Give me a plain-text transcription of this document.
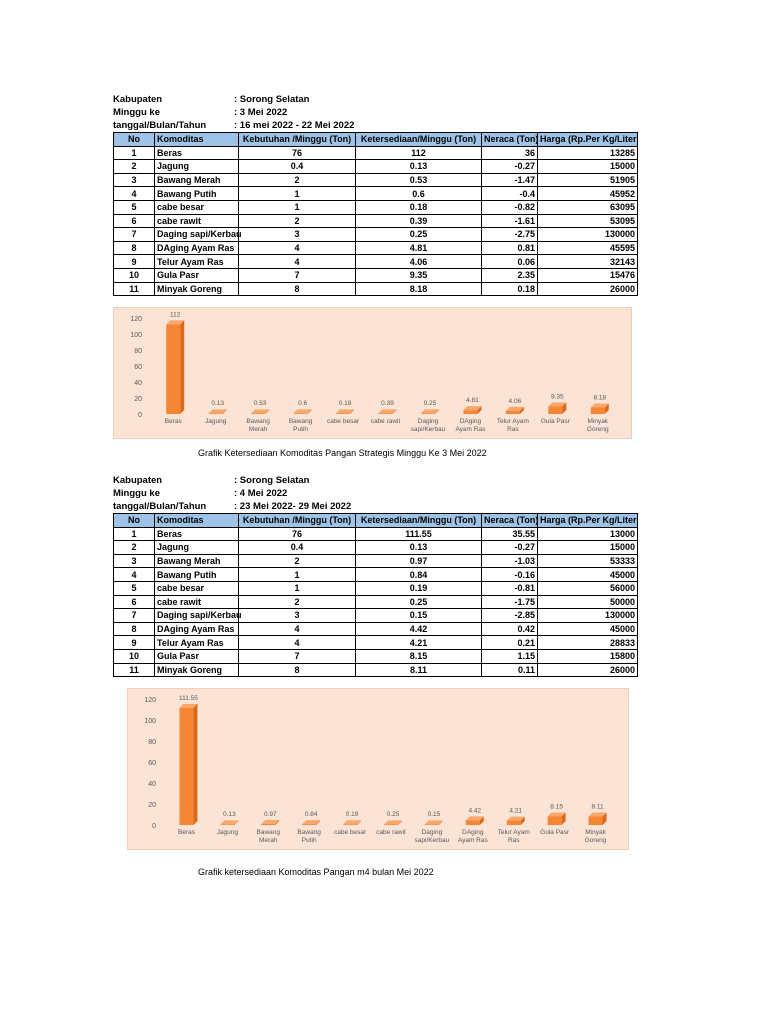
Kabupaten	: Sorong Selatan
Minggu ke	: 3 Mei 2022
tanggal/Bulan/Tahun	: 16 mei 2022 - 22 Mei 2022
No	Komoditas	Kebutuhan /Minggu (Ton)	Ketersediaan/Minggu (Ton)	Neraca (Ton)	Harga (Rp.Per Kg/Liter
1	Beras	76	112	36	13285
2	Jagung	0.4	0.13	-0.27	15000
3	Bawang Merah	2	0.53	-1.47	51905
4	Bawang Putih	1	0.6	-0.4	45952
5	cabe besar	1	0.18	-0.82	63095
6	cabe rawit	2	0.39	-1.61	53095
7	Daging sapi/Kerbau	3	0.25	-2.75	130000
8	DAging Ayam Ras	4	4.81	0.81	45595
9	Telur Ayam Ras	4	4.06	0.06	32143
10	Gula Pasr	7	9.35	2.35	15476
11	Minyak Goreng	8	8.18	0.18	26000
0
20
40
60
80
100
120
112
Beras
0.13
Jagung
0.53
Bawang
Merah
0.6
Bawang
Putih
0.18
cabe besar
0.39
cabe rawit
0.25
Daging
sapi/Kerbau
4.81
DAging
Ayam Ras
4.06
Telur Ayam
Ras
9.35
Gula Pasr
8.18
Minyak
Goreng
Grafik Ketersediaan Komoditas Pangan Strategis Minggu Ke 3 Mei 2022
Kabupaten	: Sorong Selatan
Minggu ke	: 4 Mei 2022
tanggal/Bulan/Tahun	: 23 Mei 2022- 29 Mei 2022
No	Komoditas	Kebutuhan /Minggu (Ton)	Ketersediaan/Minggu (Ton)	Neraca (Ton)	Harga (Rp.Per Kg/Liter
1	Beras	76	111.55	35.55	13000
2	Jagung	0.4	0.13	-0.27	15000
3	Bawang Merah	2	0.97	-1.03	53333
4	Bawang Putih	1	0.84	-0.16	45000
5	cabe besar	1	0.19	-0.81	56000
6	cabe rawit	2	0.25	-1.75	50000
7	Daging sapi/Kerbau	3	0.15	-2.85	130000
8	DAging Ayam Ras	4	4.42	0.42	45000
9	Telur Ayam Ras	4	4.21	0.21	28833
10	Gula Pasr	7	8.15	1.15	15800
11	Minyak Goreng	8	8.11	0.11	26000
0
20
40
60
80
100
120	111.55
Beras
0.13
Jagung
0.97
Bawang
Merah
0.84
Bawang
Putih
0.19
cabe besar
0.25
cabe rawit
0.15
Daging
sapi/Kerbau
4.42
DAging
Ayam Ras
4.21
Telur Ayam
Ras
8.15
Gula Pasr
8.11
Minyak
Goreng
Grafik ketersediaan Komoditas Pangan m4 bulan Mei 2022
